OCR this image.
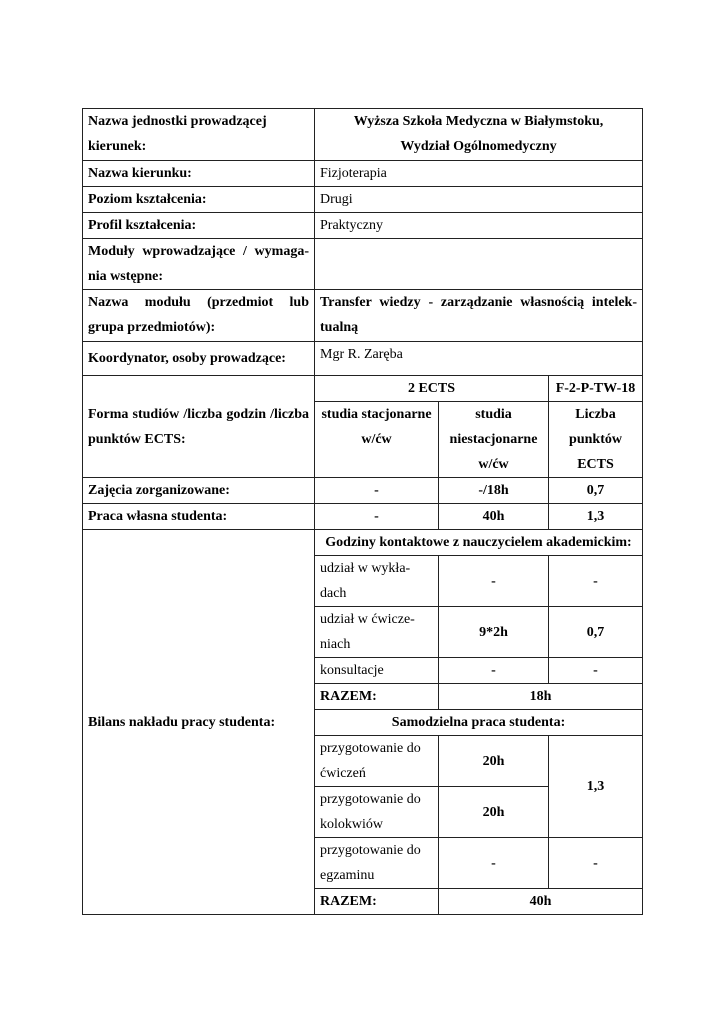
Nazwa jednostki prowadzącej kierunek:	Wyższa Szkoła Medyczna w Białymstoku,
Wydział Ogólnomedyczny		

Nazwa kierunku:	Fizjoterapia		
Poziom kształcenia:	Drugi		
Profil kształcenia:	Praktyczny		
Moduły wprowadzające / wymaga-nia wstępne:			
Nazwa modułu (przedmiot lub grupa przedmiotów):	Transfer wiedzy - zarządzanie własnością intelek-tualną		
Koordynator, osoby prowadzące:	Mgr R. Zaręba		
Forma studiów /liczba godzin /liczba punktów ECTS:	2 ECTS		F-2-P-TW-18
	studia stacjonarne w/ćw	studia niestacjonarne w/ćw	Liczba punktów ECTS
Zajęcia zorganizowane:	-	-/18h	0,7
Praca własna studenta:	-	40h	1,3
Bilans nakładu pracy studenta:	Godziny kontaktowe z nauczycielem akademickim:		
	udział w wykła-dach	-	-
	udział w ćwicze-niach	9*2h	0,7
	konsultacje	-	-
	RAZEM:	18h	
	Samodzielna praca studenta:		
	przygotowanie do ćwiczeń	20h	1,3
	przygotowanie do kolokwiów	20h	
	przygotowanie do egzaminu	-	-
	RAZEM:	40h	
